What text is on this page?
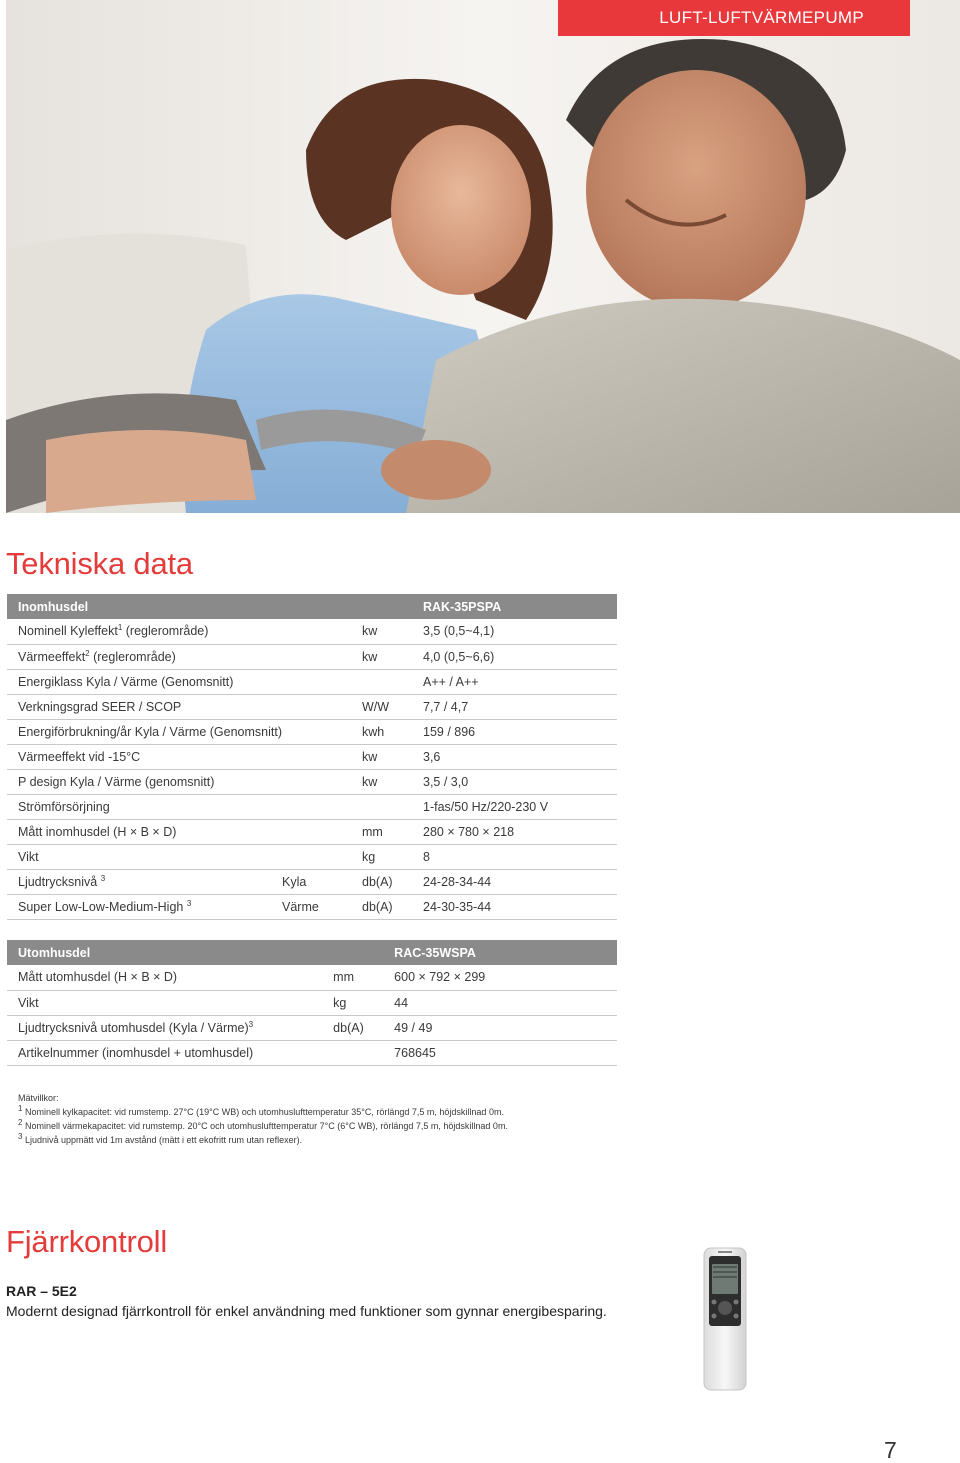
LUFT-LUFTVÄRMEPUMP
Tekniska data
Inomhusdel			RAK-35PSPA
Nominell Kyleffekt$^1$ (reglerområde)		kw	3,5 (0,5~4,1)
Värmeeffekt$^2$ (reglerområde)		kw	4,0 (0,5~6,6)
Energiklass Kyla / Värme (Genomsnitt)			A++ / A++
Verkningsgrad SEER / SCOP		W/W	7,7 / 4,7
Energiförbrukning/år Kyla / Värme (Genomsnitt)		kwh	159 / 896
Värmeeffekt vid -15°C		kw	3,6
P design Kyla / Värme (genomsnitt)		kw	3,5 / 3,0
Strömförsörjning			1-fas/50 Hz/220-230 V
Mått inomhusdel (H × B × D)		mm	280 × 780 × 218
Vikt		kg	8
Ljudtrycksnivå $^3$	Kyla	db(A)	24-28-34-44
Super Low-Low-Medium-High $^3$	Värme	db(A)	24-30-35-44
Utomhusdel			RAC-35WSPA
Mått utomhusdel (H × B × D)		mm	600 × 792 × 299
Vikt		kg	44
Ljudtrycksnivå utomhusdel (Kyla / Värme)$^3$		db(A)	49 / 49
Artikelnummer (inomhusdel + utomhusdel)			768645
Mätvillkor:
$^1$ Nominell kylkapacitet: vid rumstemp. 27°C (19°C WB) och utomhuslufttemperatur 35°C, rörlängd 7,5 m, höjdskillnad 0m.
$^2$ Nominell värmekapacitet: vid rumstemp. 20°C och utomhuslufttemperatur 7°C (6°C WB), rörlängd 7,5 m, höjdskillnad 0m.
$^3$ Ljudnivå uppmätt vid 1m avstånd (mätt i ett ekofritt rum utan reflexer).
Fjärrkontroll
RAR – 5E2
Modernt designad fjärrkontroll för enkel användning med funktioner som gynnar energibesparing.
7
